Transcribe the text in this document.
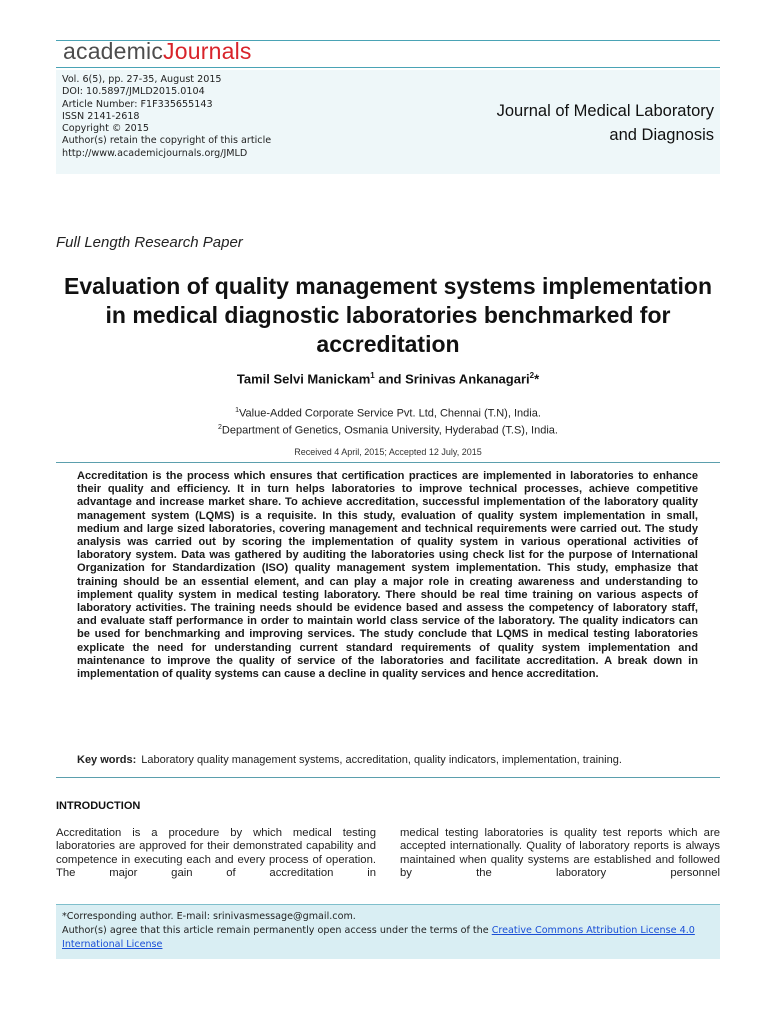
academicJournals
Vol. 6(5), pp. 27-35, August 2015
DOI: 10.5897/JMLD2015.0104
Article Number: F1F335655143
ISSN 2141-2618
Copyright © 2015
Author(s) retain the copyright of this article
http://www.academicjournals.org/JMLD
Journal of Medical Laboratory
and Diagnosis
Full Length Research Paper
Evaluation of quality management systems implementation in medical diagnostic laboratories benchmarked for accreditation
Tamil Selvi Manickam$^1$ and Srinivas Ankanagari$^2$*
$^1$Value-Added Corporate Service Pvt. Ltd, Chennai (T.N), India.
$^2$Department of Genetics, Osmania University, Hyderabad (T.S), India.
Received 4 April, 2015; Accepted 12 July, 2015
Accreditation is the process which ensures that certification practices are implemented in laboratories to enhance their quality and efficiency. It in turn helps laboratories to improve technical processes, achieve competitive advantage and increase market share. To achieve accreditation, successful implementation of the laboratory quality management system (LQMS) is a requisite. In this study, evaluation of quality system implementation in small, medium and large sized laboratories, covering management and technical requirements were carried out. The study analysis was carried out by scoring the implementation of quality system in various operational activities of laboratory system. Data was gathered by auditing the laboratories using check list for the purpose of International Organization for Standardization (ISO) quality management system implementation. This study, emphasize that training should be an essential element, and can play a major role in creating awareness and understanding to implement quality system in medical testing laboratory. There should be real time training on various aspects of laboratory activities. The training needs should be evidence based and assess the competency of laboratory staff, and evaluate staff performance in order to maintain world class service of the laboratory. The quality indicators can be used for benchmarking and improving services. The study conclude that LQMS in medical testing laboratories explicate the need for understanding current standard requirements of quality system implementation and maintenance to improve the quality of service of the laboratories and facilitate accreditation. A break down in implementation of quality systems can cause a decline in quality services and hence accreditation.
Key words: Laboratory quality management systems, accreditation, quality indicators, implementation, training.
INTRODUCTION
Accreditation is a procedure by which medical testing laboratories are approved for their demonstrated capability and competence in executing each and every process of operation. The major gain of accreditation in
medical testing laboratories is quality test reports which are accepted internationally. Quality of laboratory reports is always maintained when quality systems are established and followed by the laboratory personnel
*Corresponding author. E-mail: srinivasmessage@gmail.com.
Author(s) agree that this article remain permanently open access under the terms of the Creative Commons Attribution License 4.0 International License
